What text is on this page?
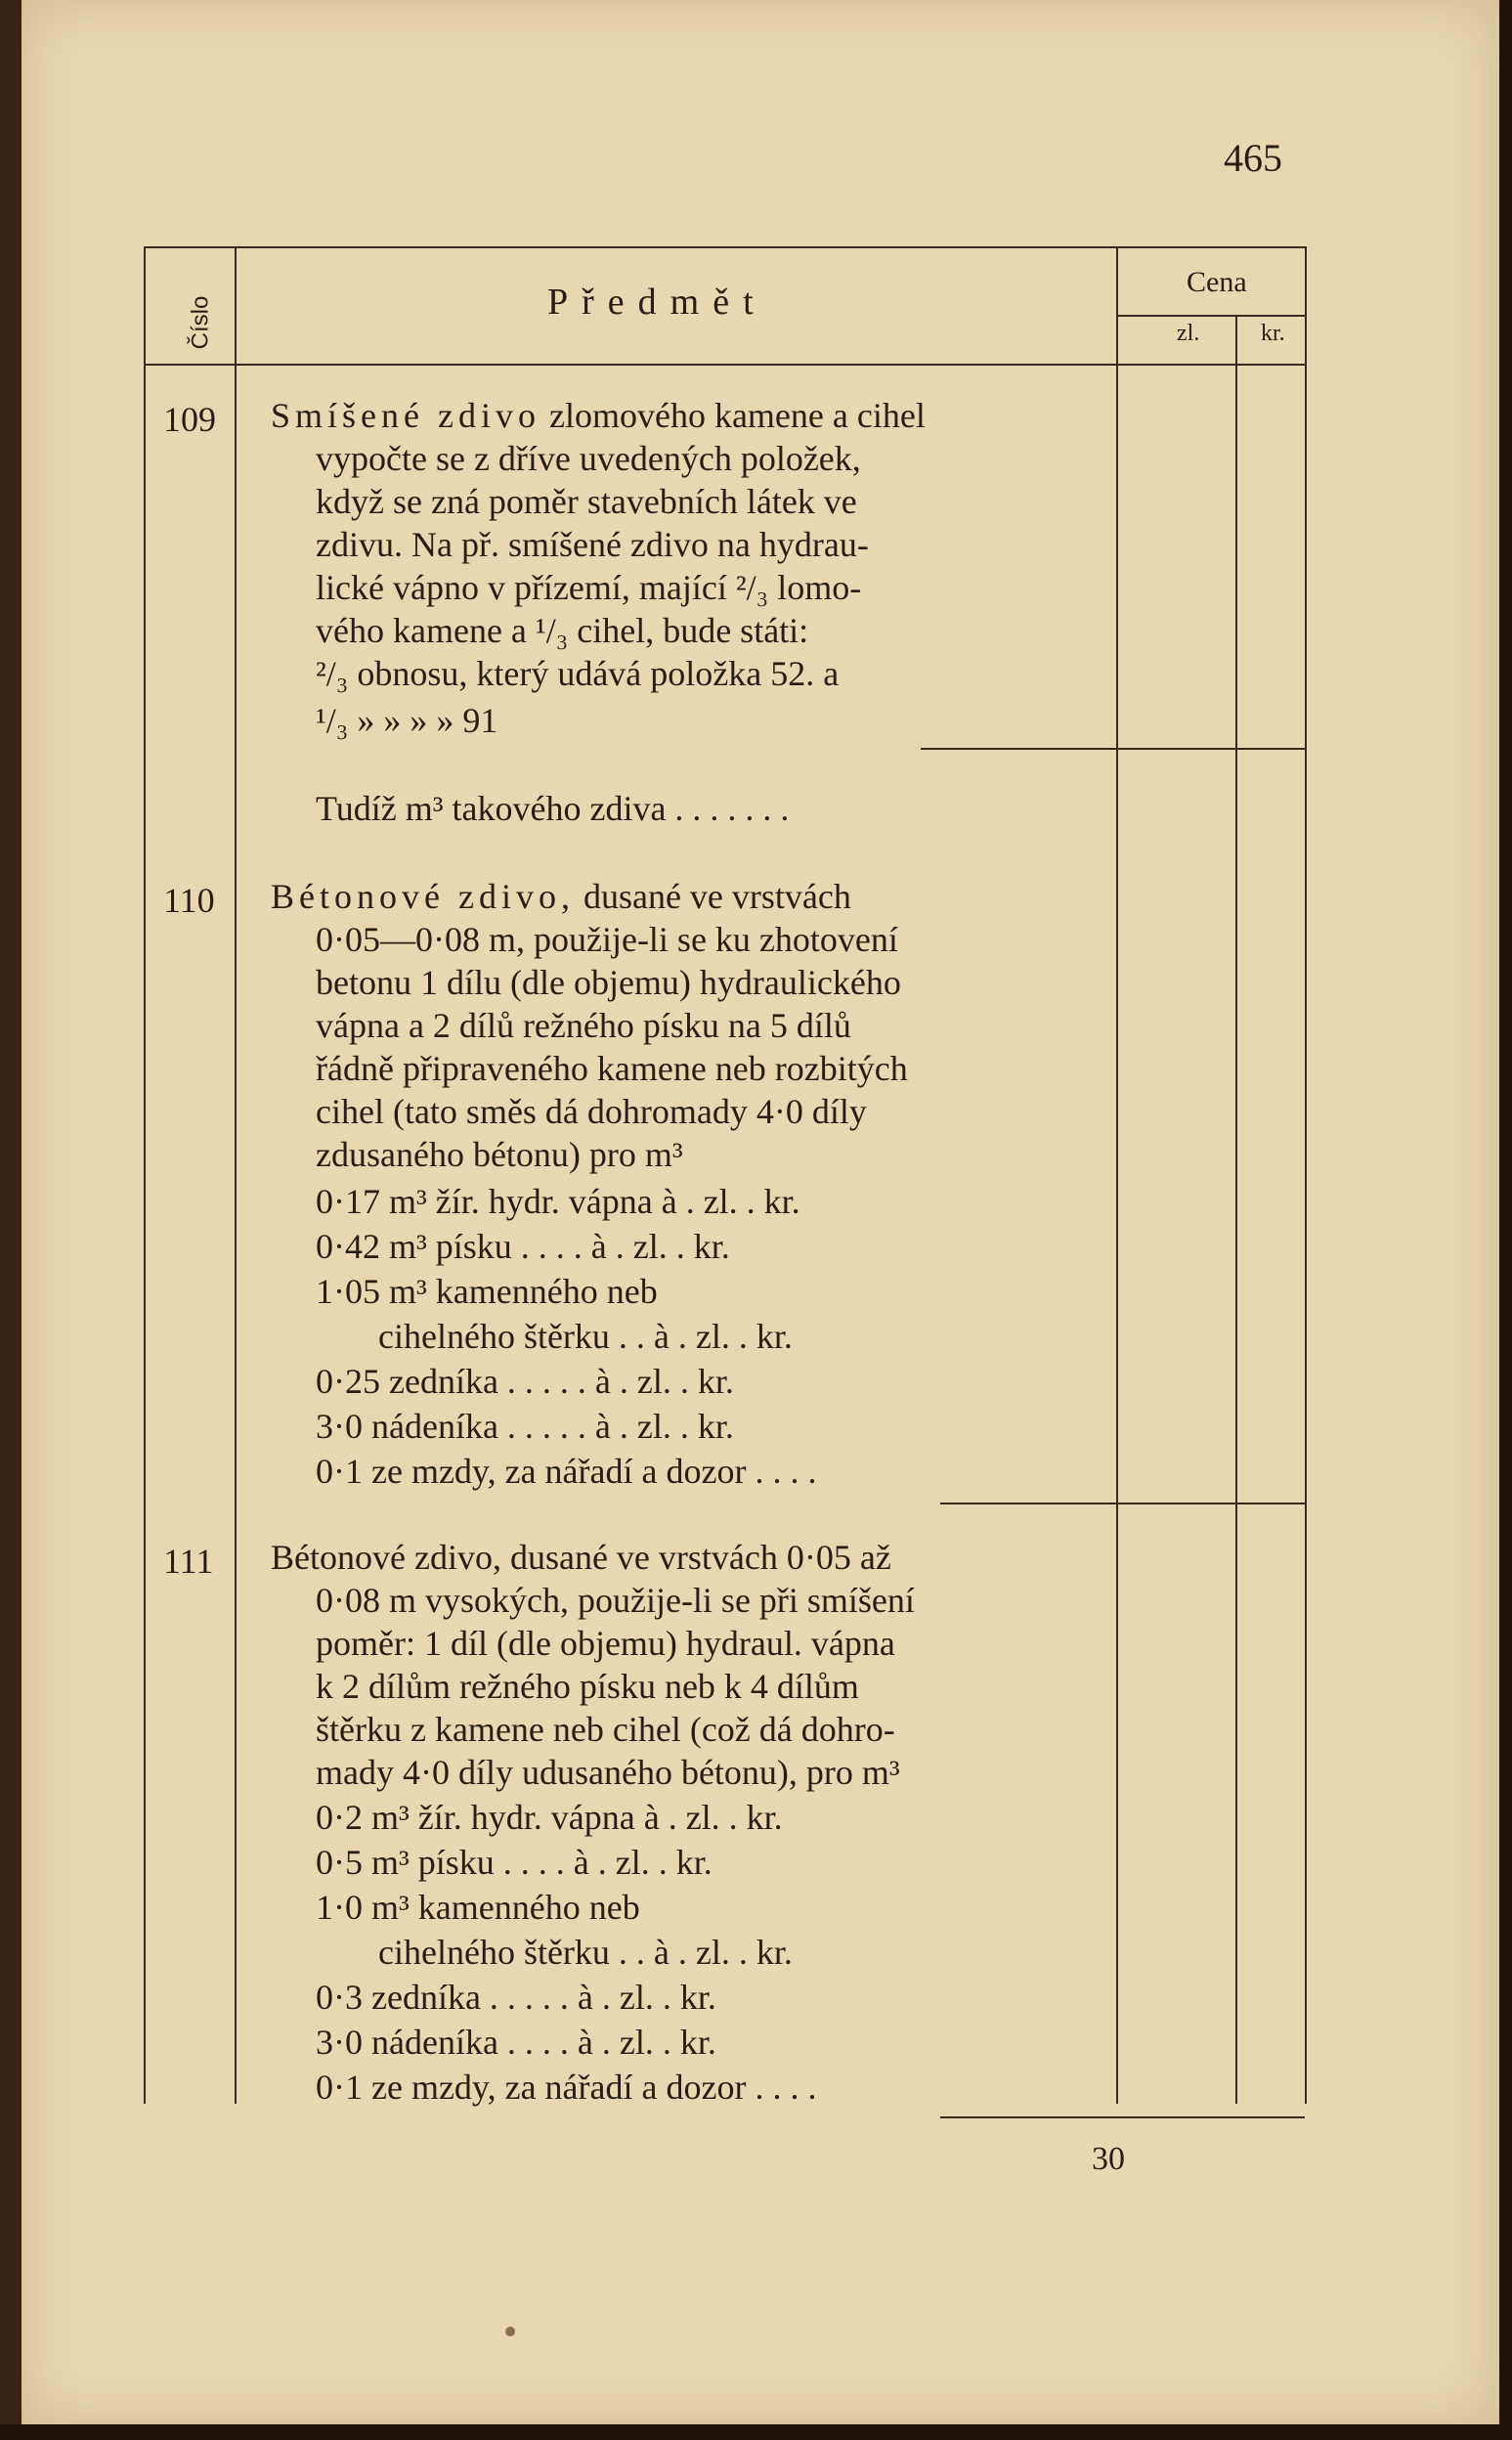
465
Číslo	Předmět	Cena
zl.	kr.
109 Smíšené zdivo zlomového kamene a cihel
vypočte se z dříve uvedených položek,
když se zná poměr stavebních látek ve
zdivu. Na př. smíšené zdivo na hydrau-
lické vápno v přízemí, mající ²/₃ lomo-
vého kamene a ¹/₃ cihel, bude státi:
²/₃ obnosu, který udává položka 52. a
¹/₃ » » » » 91
Tudíž m³ takového zdiva . . . . . . .
110 Bétonové zdivo, dusané ve vrstvách
0·05—0·08 m, použije-li se ku zhotovení
betonu 1 dílu (dle objemu) hydraulického
vápna a 2 dílů režného písku na 5 dílů
řádně připraveného kamene neb rozbitých
cihel (tato směs dá dohromady 4·0 díly
zdusaného bétonu) pro m³
0·17 m³ žír. hydr. vápna à . zl. . kr.
0·42 m³ písku . . . . à . zl. . kr.
1·05 m³ kamenného neb
cihelného štěrku . . à . zl. . kr.
0·25 zedníka . . . . . à . zl. . kr.
3·0 nádeníka . . . . . à . zl. . kr.
0·1 ze mzdy, za nářadí a dozor . . . .
111 Bétonové zdivo, dusané ve vrstvách 0·05 až
0·08 m vysokých, použije-li se při smíšení
poměr: 1 díl (dle objemu) hydraul. vápna
k 2 dílům režného písku neb k 4 dílům
štěrku z kamene neb cihel (což dá dohro-
mady 4·0 díly udusaného bétonu), pro m³
0·2 m³ žír. hydr. vápna à . zl. . kr.
0·5 m³ písku . . . . à . zl. . kr.
1·0 m³ kamenného neb
cihelného štěrku . . à . zl. . kr.
0·3 zedníka . . . . . à . zl. . kr.
3·0 nádeníka . . . . à . zl. . kr.
0·1 ze mzdy, za nářadí a dozor . . . .
30
